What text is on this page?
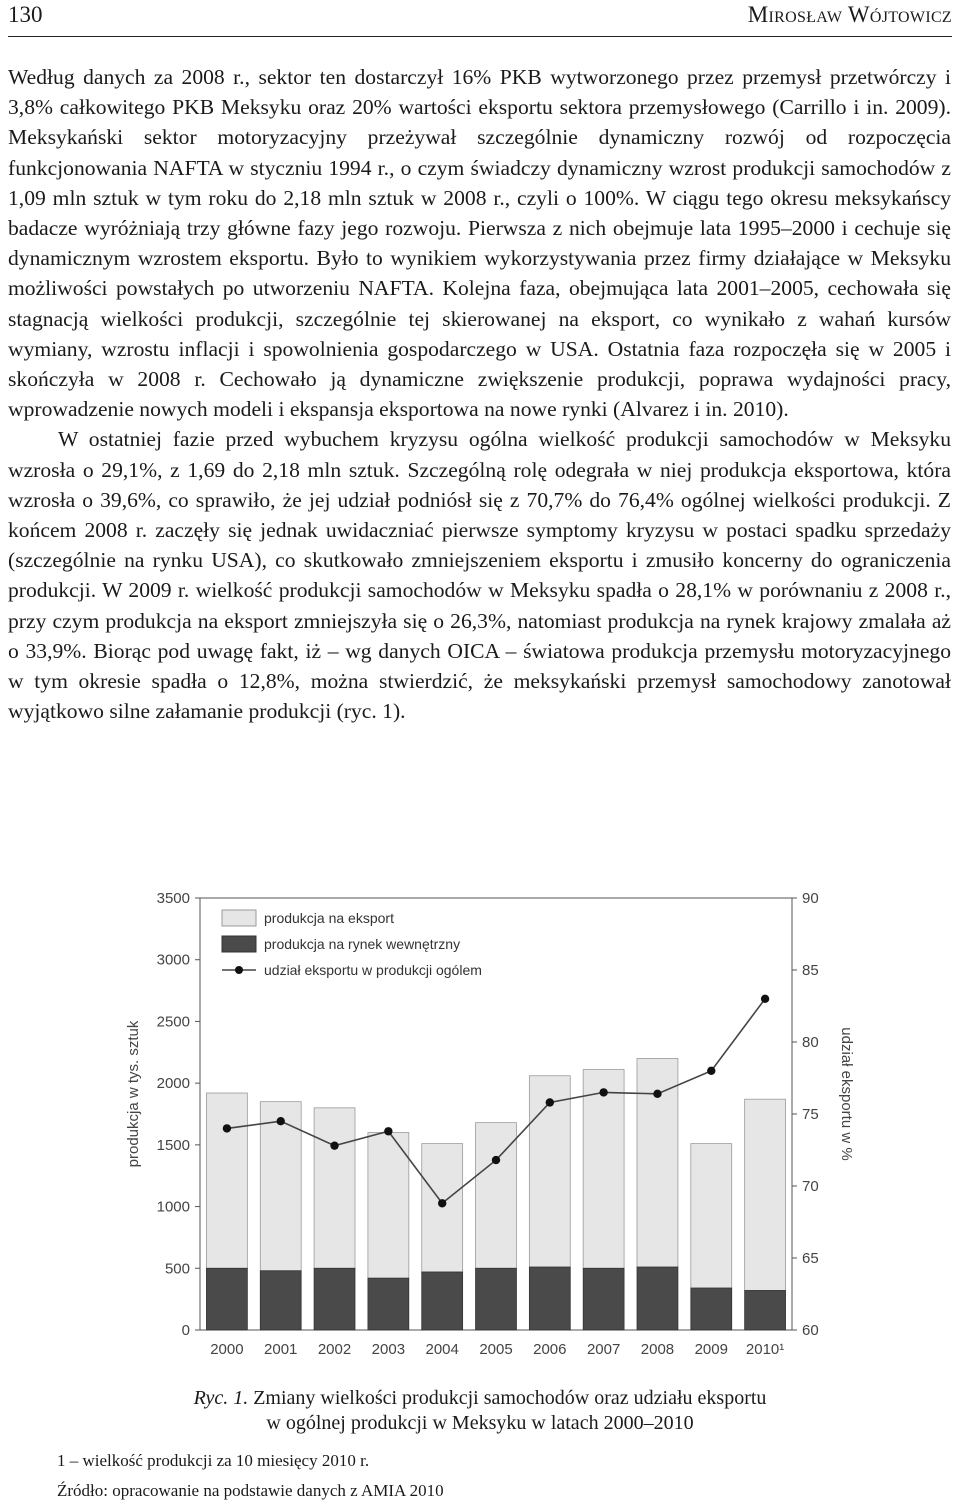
130	Mirosław Wójtowicz

Według danych za 2008 r., sektor ten dostarczył 16% PKB wytworzonego przez przemysł przetwórczy i 3,8% całkowitego PKB Meksyku oraz 20% wartości eksportu sektora przemysłowego (Carrillo i in. 2009). Meksykański sektor motoryzacyjny przeżywał szczególnie dynamiczny rozwój od rozpoczęcia funkcjonowania NAFTA w styczniu 1994 r., o czym świadczy dynamiczny wzrost produkcji samochodów z 1,09 mln sztuk w tym roku do 2,18 mln sztuk w 2008 r., czyli o 100%. W ciągu tego okresu meksykańscy badacze wyróżniają trzy główne fazy jego rozwoju. Pierwsza z nich obejmuje lata 1995–2000 i cechuje się dynamicznym wzrostem eksportu. Było to wynikiem wykorzystywania przez firmy działające w Meksyku możliwości powstałych po utworzeniu NAFTA. Kolejna faza, obejmująca lata 2001–2005, cechowała się stagnacją wielkości produkcji, szczególnie tej skierowanej na eksport, co wynikało z wahań kursów wymiany, wzrostu inflacji i spowolnienia gospodarczego w USA. Ostatnia faza rozpoczęła się w 2005 i skończyła w 2008 r. Cechowało ją dynamiczne zwiększenie produkcji, poprawa wydajności pracy, wprowadzenie nowych modeli i ekspansja eksportowa na nowe rynki (Alvarez i in. 2010).

W ostatniej fazie przed wybuchem kryzysu ogólna wielkość produkcji samochodów w Meksyku wzrosła o 29,1%, z 1,69 do 2,18 mln sztuk. Szczególną rolę odegrała w niej produkcja eksportowa, która wzrosła o 39,6%, co sprawiło, że jej udział podniósł się z 70,7% do 76,4% ogólnej wielkości produkcji. Z końcem 2008 r. zaczęły się jednak uwidaczniać pierwsze symptomy kryzysu w postaci spadku sprzedaży (szczególnie na rynku USA), co skutkowało zmniejszeniem eksportu i zmusiło koncerny do ograniczenia produkcji. W 2009 r. wielkość produkcji samochodów w Meksyku spadła o 28,1% w porównaniu z 2008 r., przy czym produkcja na eksport zmniejszyła się o 26,3%, natomiast produkcja na rynek krajowy zmalała aż o 33,9%. Biorąc pod uwagę fakt, iż – wg danych OICA – światowa produkcja przemysłu motoryzacyjnego w tym okresie spadła o 12,8%, można stwierdzić, że meksykański przemysł samochodowy zanotował wyjątkowo silne załamanie produkcji (ryc. 1).

0
500
1000
1500
2000
2500
3000
3500
60
65
70
75
80
85
90
2000 2001 2002 2003 2004 2005 2006 2007 2008 2009 2010¹
produkcja w tys. sztuk	udział eksportu w %
produkcja na eksport
produkcja na rynek wewnętrzny
udział eksportu w produkcji ogólem
Ryc. 1. Zmiany wielkości produkcji samochodów oraz udziału eksportu
w ogólnej produkcji w Meksyku w latach 2000–2010
1 – wielkość produkcji za 10 miesięcy 2010 r.
Źródło: opracowanie na podstawie danych z AMIA 2010
